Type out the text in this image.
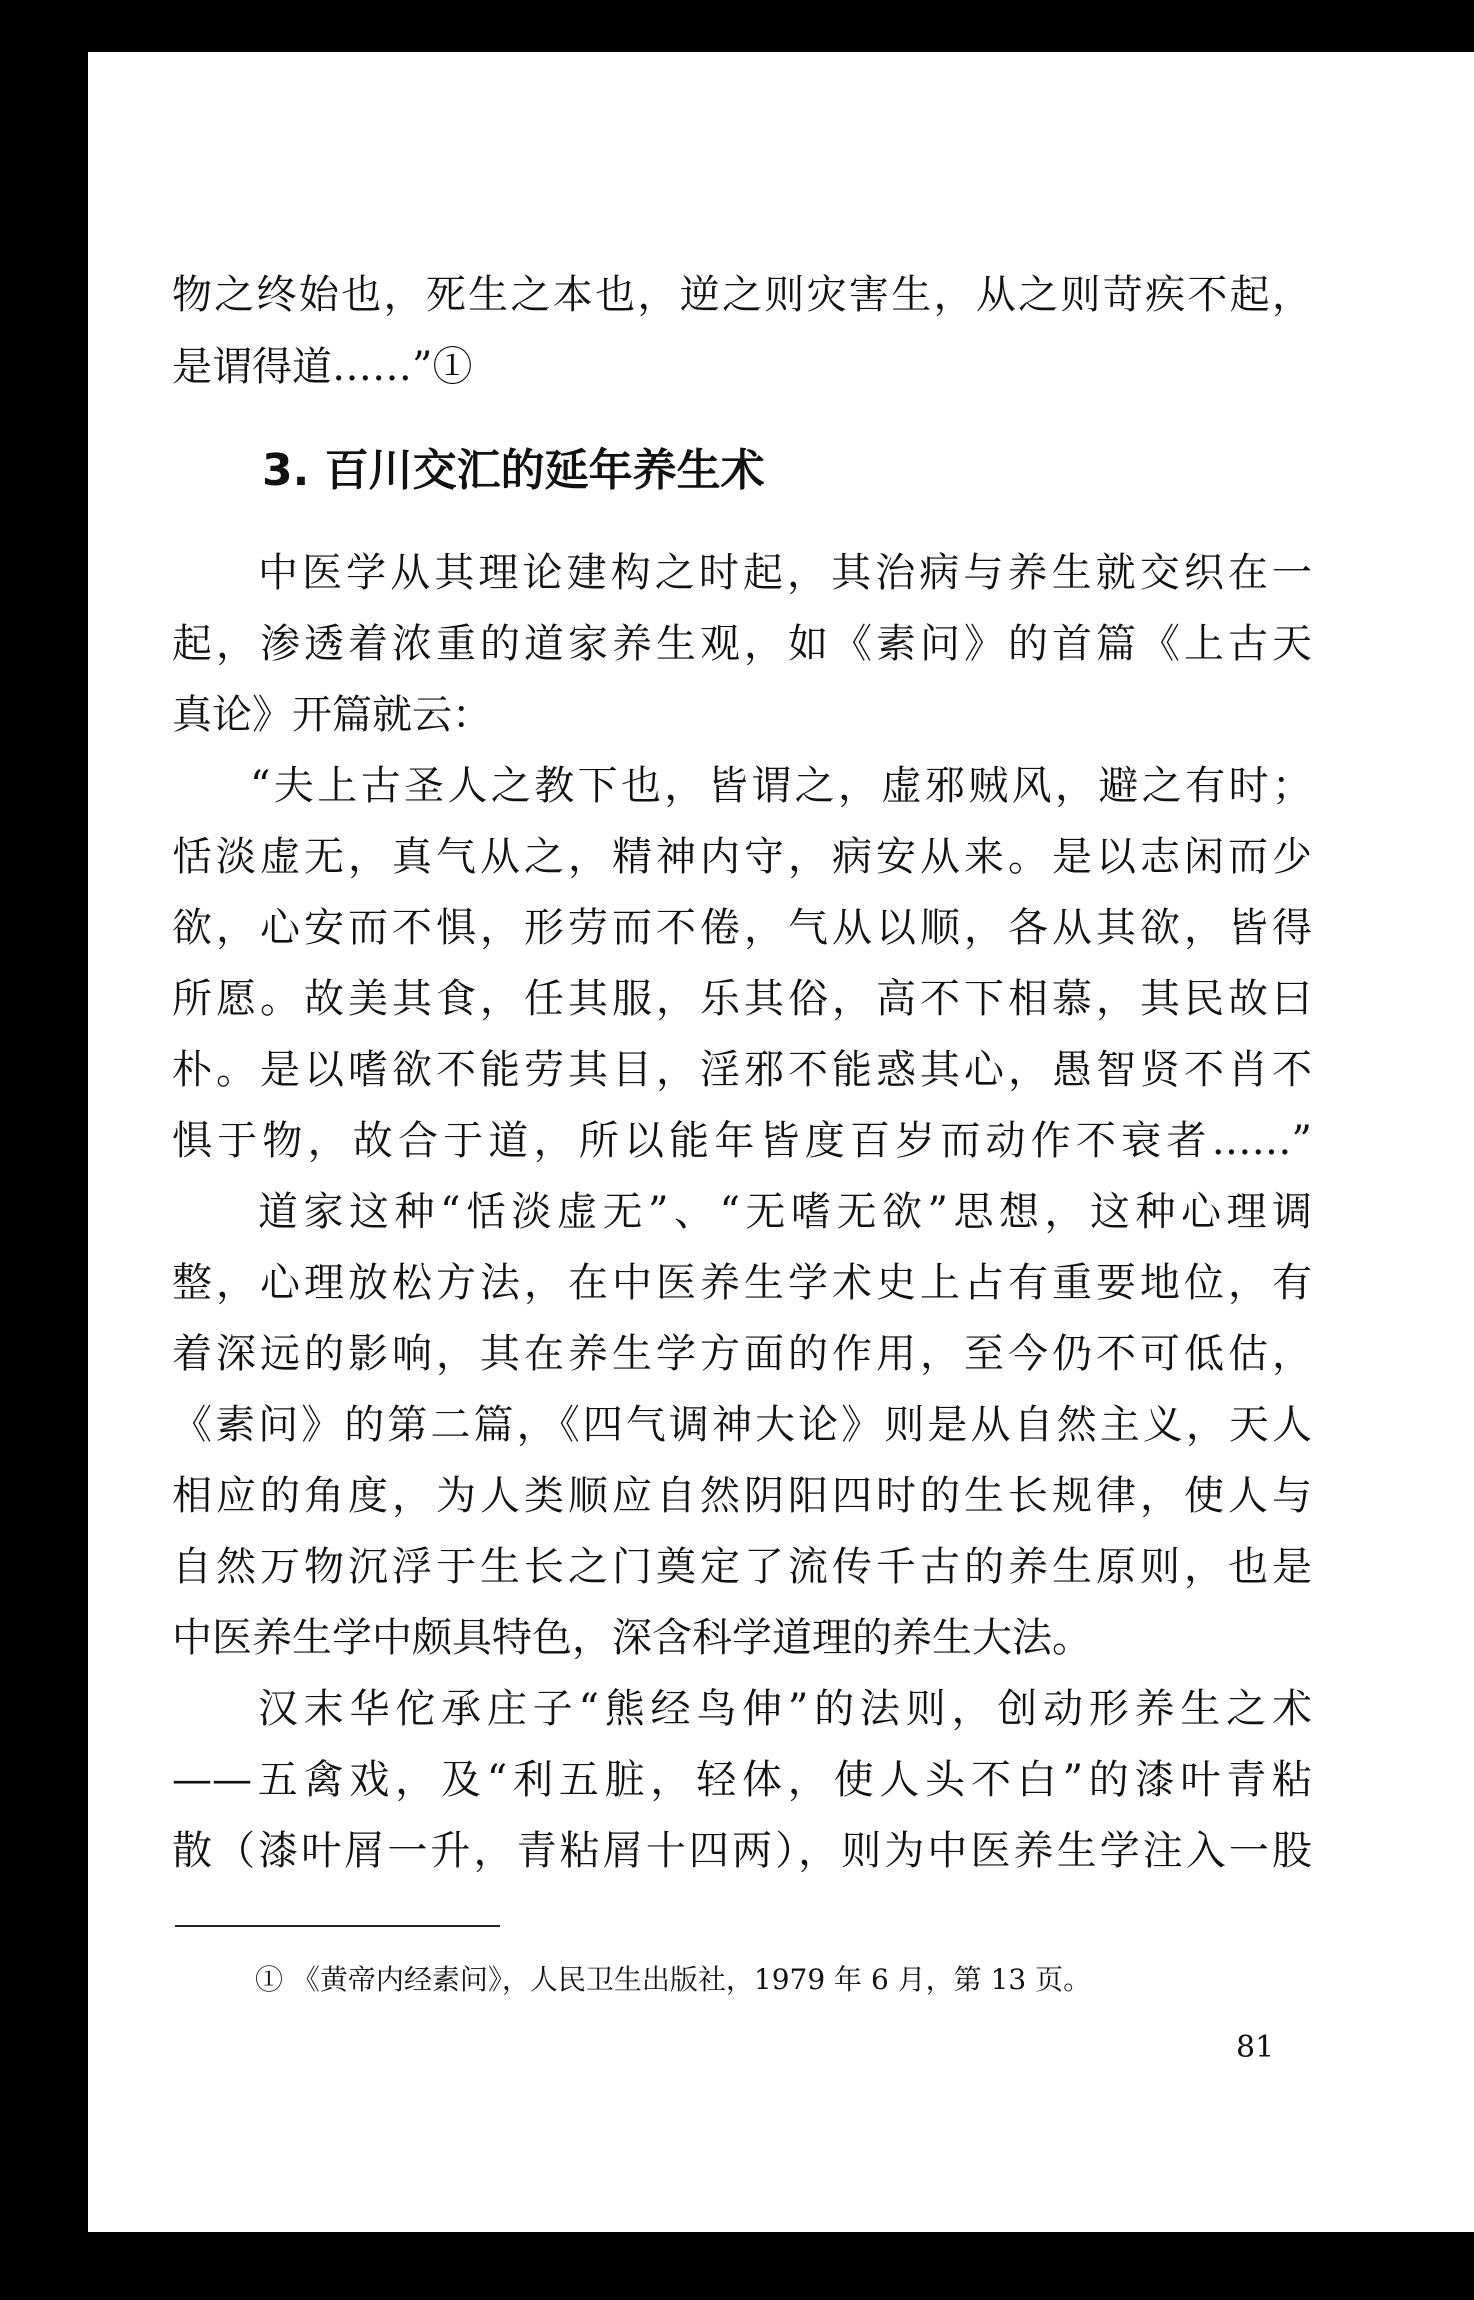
物之终始也，死生之本也，逆之则灾害生，从之则苛疾不起，
是谓得道……”①
3. 百川交汇的延年养生术
中医学从其理论建构之时起，其治病与养生就交织在一
起，渗透着浓重的道家养生观，如《素问》的首篇《上古天
真论》开篇就云：
“夫上古圣人之教下也，皆谓之，虚邪贼风，避之有时；
恬淡虚无，真气从之，精神内守，病安从来。是以志闲而少
欲，心安而不惧，形劳而不倦，气从以顺，各从其欲，皆得
所愿。故美其食，任其服，乐其俗，高不下相慕，其民故曰
朴。是以嗜欲不能劳其目，淫邪不能惑其心，愚智贤不肖不
惧于物，故合于道，所以能年皆度百岁而动作不衰者……”
道家这种“恬淡虚无”、“无嗜无欲”思想，这种心理调
整，心理放松方法，在中医养生学术史上占有重要地位，有
着深远的影响，其在养生学方面的作用，至今仍不可低估，
《素问》的第二篇，《四气调神大论》则是从自然主义，天人
相应的角度，为人类顺应自然阴阳四时的生长规律，使人与
自然万物沉浮于生长之门奠定了流传千古的养生原则，也是
中医养生学中颇具特色，深含科学道理的养生大法。
汉末华佗承庄子“熊经鸟伸”的法则，创动形养生之术
——五禽戏，及“利五脏，轻体，使人头不白”的漆叶青粘
散（漆叶屑一升，青粘屑十四两），则为中医养生学注入一股
① 《黄帝内经素问》，人民卫生出版社，1979 年 6 月，第 13 页。
81
